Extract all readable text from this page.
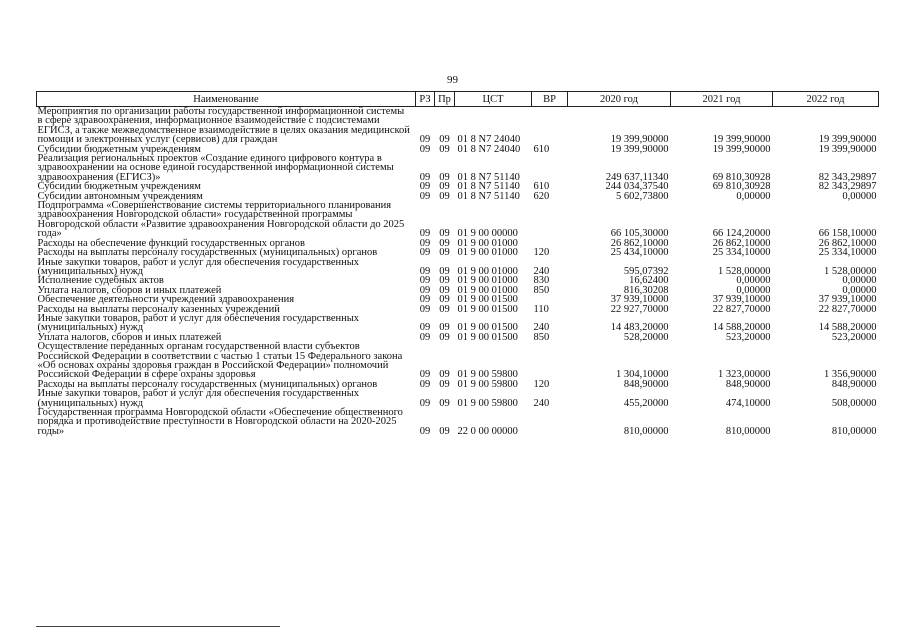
99
Наименование	РЗ	Пр	ЦСТ	ВР	2020 год	2021 год	2022 год
Мероприятия по организации работы государственной информационной системы в сфере здравоохранения, информационное взаимодействие с подсистемами ЕГИСЗ, а также межведомственное взаимодействие в целях оказания медицинской помощи и электронных услуг (сервисов) для граждан	09	09	01 8 N7 24040		19 399,90000	19 399,90000	19 399,90000
Субсидии бюджетным учреждениям	09	09	01 8 N7 24040	610	19 399,90000	19 399,90000	19 399,90000
Реализация региональных проектов «Создание единого цифрового контура в здравоохранении на основе единой государственной информационной системы здравоохранения (ЕГИСЗ)»	09	09	01 8 N7 51140		249 637,11340	69 810,30928	82 343,29897
Субсидии бюджетным учреждениям	09	09	01 8 N7 51140	610	244 034,37540	69 810,30928	82 343,29897
Субсидии автономным учреждениям	09	09	01 8 N7 51140	620	5 602,73800	0,00000	0,00000
Подпрограмма «Совершенствование системы территориального планирования здравоохранения Новгородской области» государственной программы Новгородской области «Развитие здравоохранения Новгородской области до 2025 года»	09	09	01 9 00 00000		66 105,30000	66 124,20000	66 158,10000
Расходы на обеспечение функций государственных органов	09	09	01 9 00 01000		26 862,10000	26 862,10000	26 862,10000
Расходы на выплаты персоналу государственных (муниципальных) органов	09	09	01 9 00 01000	120	25 434,10000	25 334,10000	25 334,10000
Иные закупки товаров, работ и услуг для обеспечения государственных (муниципальных) нужд	09	09	01 9 00 01000	240	595,07392	1 528,00000	1 528,00000
Исполнение судебных актов	09	09	01 9 00 01000	830	16,62400	0,00000	0,00000
Уплата налогов, сборов и иных платежей	09	09	01 9 00 01000	850	816,30208	0,00000	0,00000
Обеспечение деятельности учреждений здравоохранения	09	09	01 9 00 01500		37 939,10000	37 939,10000	37 939,10000
Расходы на выплаты персоналу казенных учреждений	09	09	01 9 00 01500	110	22 927,70000	22 827,70000	22 827,70000
Иные закупки товаров, работ и услуг для обеспечения государственных (муниципальных) нужд	09	09	01 9 00 01500	240	14 483,20000	14 588,20000	14 588,20000
Уплата налогов, сборов и иных платежей	09	09	01 9 00 01500	850	528,20000	523,20000	523,20000
Осуществление переданных органам государственной власти субъектов Российской Федерации в соответствии с частью 1 статьи 15 Федерального закона «Об основах охраны здоровья граждан в Российской Федерации» полномочий Российской Федерации в сфере охраны здоровья	09	09	01 9 00 59800		1 304,10000	1 323,00000	1 356,90000
Расходы на выплаты персоналу государственных (муниципальных) органов	09	09	01 9 00 59800	120	848,90000	848,90000	848,90000
Иные закупки товаров, работ и услуг для обеспечения государственных (муниципальных) нужд	09	09	01 9 00 59800	240	455,20000	474,10000	508,00000
Государственная программа Новгородской области «Обеспечение общественного порядка и противодействие преступности в Новгородской области на 2020-2025 годы»	09	09	22 0 00 00000		810,00000	810,00000	810,00000
